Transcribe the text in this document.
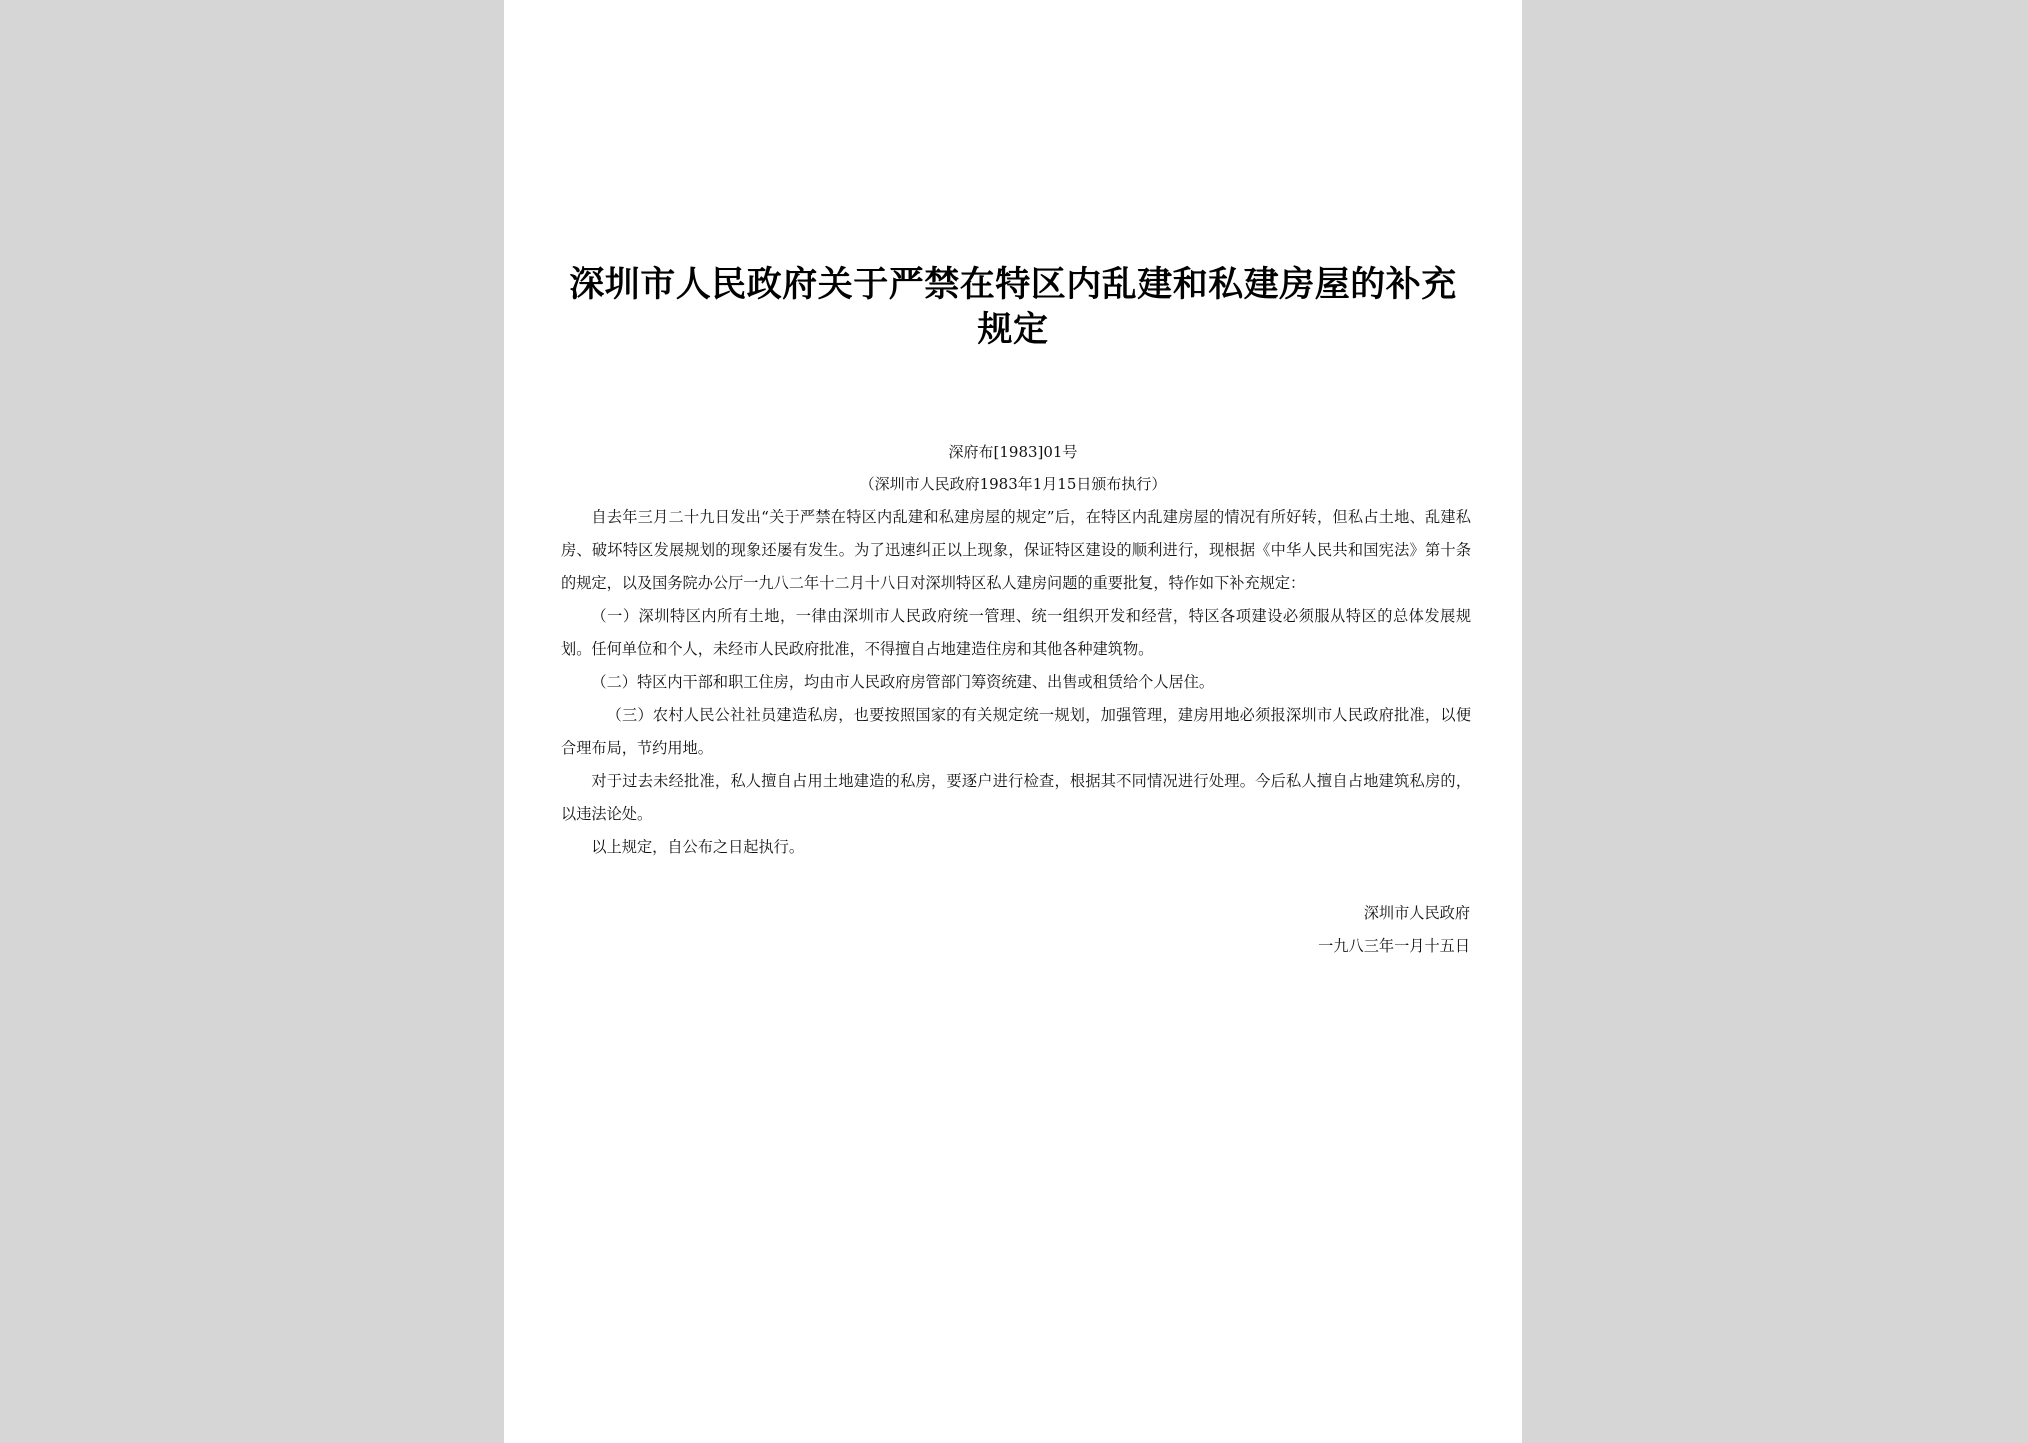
深圳市人民政府关于严禁在特区内乱建和私建房屋的补充规定
深府布[1983]01号
（深圳市人民政府1983年1月15日颁布执行）

自去年三月二十九日发出“关于严禁在特区内乱建和私建房屋的规定”后，在特区内乱建房屋的情况有所好转，但私占土地、乱建私房、破坏特区发展规划的现象还屡有发生。为了迅速纠正以上现象，保证特区建设的顺利进行，现根据《中华人民共和国宪法》第十条的规定，以及国务院办公厅一九八二年十二月十八日对深圳特区私人建房问题的重要批复，特作如下补充规定：

（一）深圳特区内所有土地，一律由深圳市人民政府统一管理、统一组织开发和经营，特区各项建设必须服从特区的总体发展规划。任何单位和个人，未经市人民政府批准，不得擅自占地建造住房和其他各种建筑物。

（二）特区内干部和职工住房，均由市人民政府房管部门筹资统建、出售或租赁给个人居住。

（三）农村人民公社社员建造私房，也要按照国家的有关规定统一规划，加强管理，建房用地必须报深圳市人民政府批准，以便合理布局，节约用地。

对于过去未经批准，私人擅自占用土地建造的私房，要逐户进行检查，根据其不同情况进行处理。今后私人擅自占地建筑私房的，以违法论处。

以上规定，自公布之日起执行。

深圳市人民政府
一九八三年一月十五日
